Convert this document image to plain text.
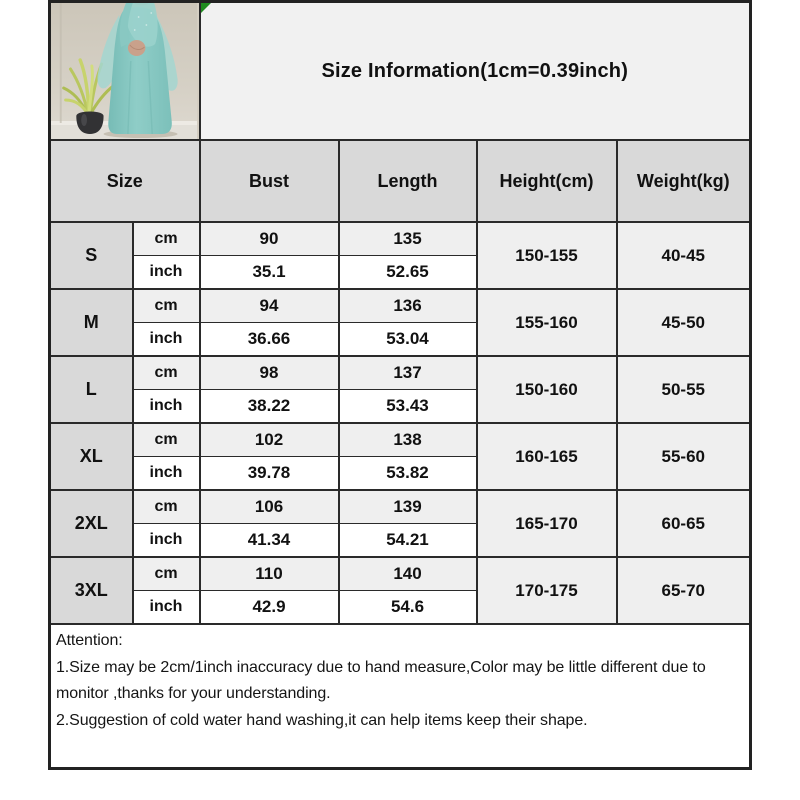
Size Information(1cm=0.39inch)			

Size		Bust	Length	Height(cm)	Weight(kg)
S	cm	90	135	150-155	40-45
	inch	35.1	52.65		
M	cm	94	136	155-160	45-50
	inch	36.66	53.04		
L	cm	98	137	150-160	50-55
	inch	38.22	53.43		
XL	cm	102	138	160-165	55-60
	inch	39.78	53.82		
2XL	cm	106	139	165-170	60-65
	inch	41.34	54.21		
3XL	cm	110	140	170-175	65-70
	inch	42.9	54.6		

Attention:
1.Size may be 2cm/1inch inaccuracy due to hand measure,Color may be little different due to
monitor ,thanks for your understanding.
2.Suggestion of cold water hand washing,it can help items keep their shape.					
